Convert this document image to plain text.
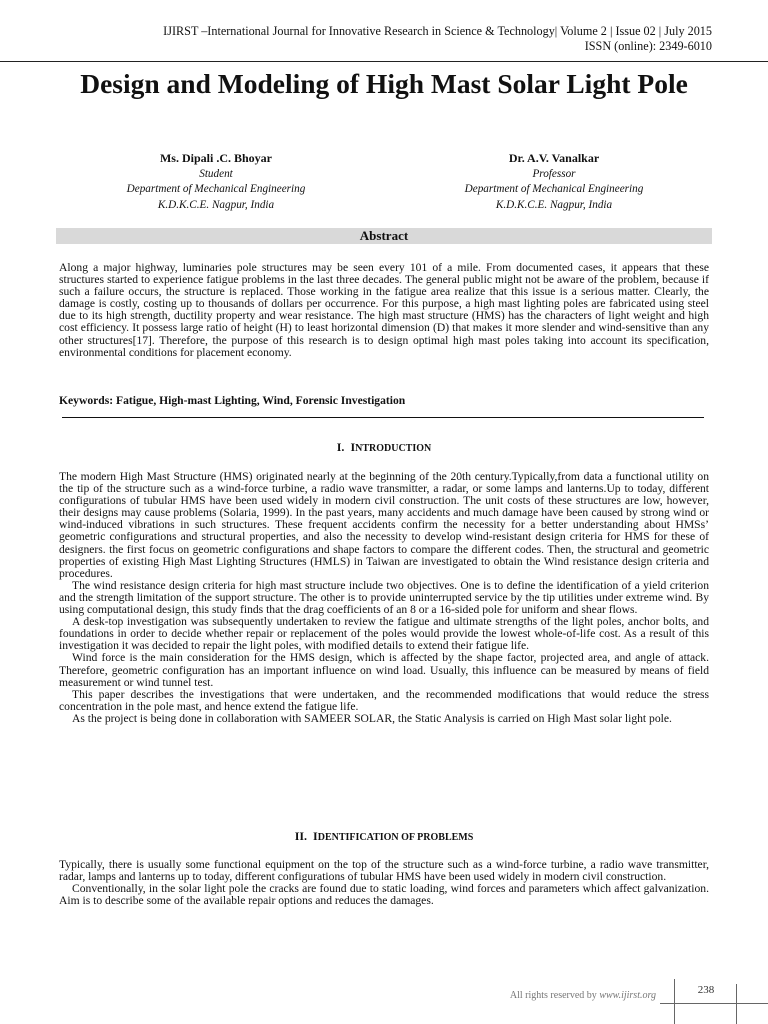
IJIRST –International Journal for Innovative Research in Science & Technology| Volume 2 | Issue 02 | July 2015
ISSN (online): 2349-6010
Design and Modeling of High Mast Solar Light Pole
Ms. Dipali .C. Bhoyar
Student
Department of Mechanical Engineering
K.D.K.C.E. Nagpur, India
Dr. A.V. Vanalkar
Professor
Department of Mechanical Engineering
K.D.K.C.E. Nagpur, India
Abstract
Along a major highway, luminaries pole structures may be seen every 101 of a mile. From documented cases, it appears that these structures started to experience fatigue problems in the last three decades. The general public might not be aware of the problem, because if such a failure occurs, the structure is replaced. Those working in the fatigue area realize that this issue is a serious matter. Clearly, the damage is costly, costing up to thousands of dollars per occurrence. For this purpose, a high mast lighting poles are fabricated using steel due to its high strength, ductility property and wear resistance. The high mast structure (HMS) has the characters of light weight and high cost efficiency. It possess large ratio of height (H) to least horizontal dimension (D) that makes it more slender and wind-sensitive than any other structures[17]. Therefore, the purpose of this research is to design optimal high mast poles taking into account its specification, environmental conditions for placement economy.
Keywords: Fatigue, High-mast Lighting, Wind, Forensic Investigation
I. INTRODUCTION

The modern High Mast Structure (HMS) originated nearly at the beginning of the 20th century.Typically,from data a functional utility on the tip of the structure such as a wind-force turbine, a radio wave transmitter, a radar, or some lamps and lanterns.Up to today, different configurations of tubular HMS have been used widely in modern civil construction. The unit costs of these structures are low, however, their designs may cause problems (Solaria, 1999). In the past years, many accidents and much damage have been caused by strong wind or wind-induced vibrations in such structures. These frequent accidents confirm the necessity for a better understanding about HMSs’ geometric configurations and structural properties, and also the necessity to develop wind-resistant design criteria for HMS for these of designers. the first focus on geometric configurations and shape factors to compare the different codes. Then, the structural and geometric properties of existing High Mast Lighting Structures (HMLS) in Taiwan are investigated to obtain the Wind resistance design criteria and procedures.

The wind resistance design criteria for high mast structure include two objectives. One is to define the identification of a yield criterion and the strength limitation of the support structure. The other is to provide uninterrupted service by the tip utilities under extreme wind. By using computational design, this study finds that the drag coefficients of an 8 or a 16-sided pole for uniform and shear flows.

A desk-top investigation was subsequently undertaken to review the fatigue and ultimate strengths of the light poles, anchor bolts, and foundations in order to decide whether repair or replacement of the poles would provide the lowest whole-of-life cost. As a result of this investigation it was decided to repair the light poles, with modified details to extend their fatigue life.

Wind force is the main consideration for the HMS design, which is affected by the shape factor, projected area, and angle of attack. Therefore, geometric configuration has an important influence on wind load. Usually, this influence can be measured by means of field measurement or wind tunnel test.

This paper describes the investigations that were undertaken, and the recommended modifications that would reduce the stress concentration in the pole mast, and hence extend the fatigue life.

As the project is being done in collaboration with SAMEER SOLAR, the Static Analysis is carried on High Mast solar light pole.

II. IDENTIFICATION OF PROBLEMS

Typically, there is usually some functional equipment on the top of the structure such as a wind-force turbine, a radio wave transmitter, radar, lamps and lanterns up to today, different configurations of tubular HMS have been used widely in modern civil construction.

Conventionally, in the solar light pole the cracks are found due to static loading, wind forces and parameters which affect galvanization. Aim is to describe some of the available repair options and reduces the damages.

All rights reserved by www.ijirst.org	238
